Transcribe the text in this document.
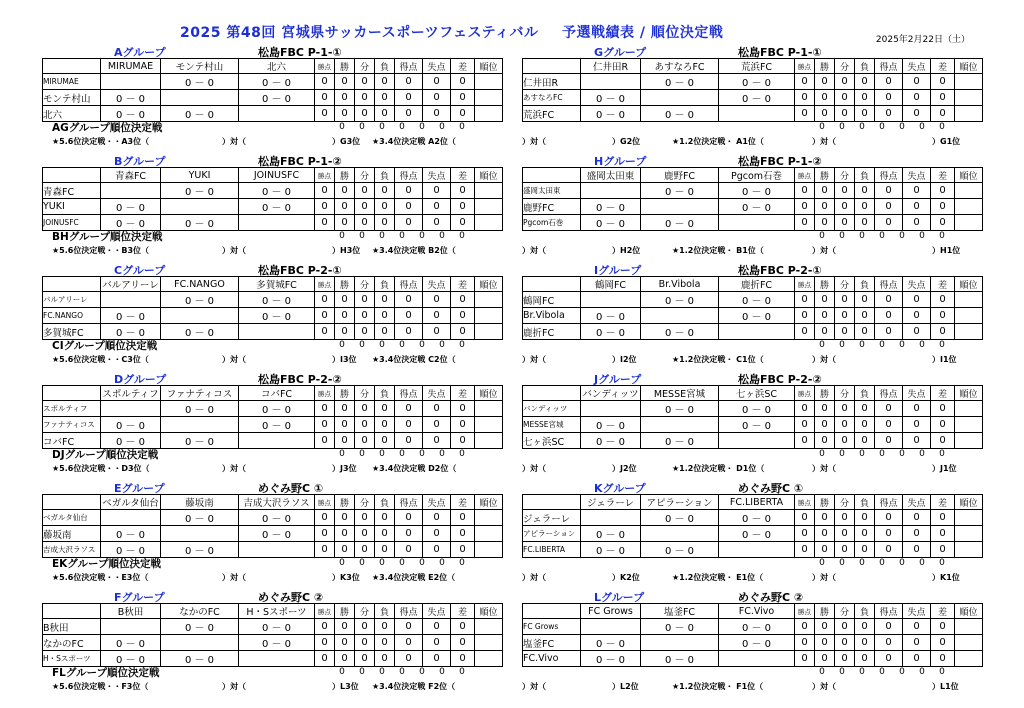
2025 第48回 宮城県サッカースポーツフェスティバル 予選戦績表 / 順位決定戦	2025年2月22日（土）
Aグループ	松島FBC P-1-①
	MIRUMAE	モンテ村山	北六	勝点	勝	分	負	得点	失点	差	順位
MIRUMAE		0 － 0	0 － 0	0	0	0	0	0	0	0	
モンテ村山	0 － 0		0 － 0	0	0	0	0	0	0	0	
北六	0 － 0	0 － 0		0	0	0	0	0	0	0	
AGグループ順位決定戦	0 0 0 0 0 0 0
★5.6位決定戦・・A3位（	）対（	）G3位 ★3.4位決定戦 A2位（
Gグループ	松島FBC P-1-①
	仁井田R	あすなろFC	荒浜FC	勝点	勝	分	負	得点	失点	差	順位
仁井田R		0 － 0	0 － 0	0	0	0	0	0	0	0	
あすなろFC	0 － 0		0 － 0	0	0	0	0	0	0	0	
荒浜FC	0 － 0	0 － 0		0	0	0	0	0	0	0	
0 0 0 0 0 0 0
）対（	）G2位	★1.2位決定戦・ A1位（	）対（	）G1位
Bグループ	松島FBC P-1-②
	青森FC	YUKI	JOINUSFC	勝点	勝	分	負	得点	失点	差	順位
青森FC		0 － 0	0 － 0	0	0	0	0	0	0	0	
YUKI	0 － 0		0 － 0	0	0	0	0	0	0	0	
JOINUSFC	0 － 0	0 － 0		0	0	0	0	0	0	0	
BHグループ順位決定戦	0 0 0 0 0 0 0
★5.6位決定戦・・B3位（	）対（	）H3位 ★3.4位決定戦 B2位（
Hグループ	松島FBC P-1-②
	盛岡太田東	鹿野FC	Pgcom石巻	勝点	勝	分	負	得点	失点	差	順位
盛岡太田東		0 － 0	0 － 0	0	0	0	0	0	0	0	
鹿野FC	0 － 0		0 － 0	0	0	0	0	0	0	0	
Pgcom石巻	0 － 0	0 － 0		0	0	0	0	0	0	0	
0 0 0 0 0 0 0
）対（	）H2位	★1.2位決定戦・ B1位（	）対（	）H1位
Cグループ	松島FBC P-2-①
	バルアリーレ	FC.NANGO	多賀城FC	勝点	勝	分	負	得点	失点	差	順位
バルアリーレ		0 － 0	0 － 0	0	0	0	0	0	0	0	
FC.NANGO	0 － 0		0 － 0	0	0	0	0	0	0	0	
多賀城FC	0 － 0	0 － 0		0	0	0	0	0	0	0	
CIグループ順位決定戦	0 0 0 0 0 0 0
★5.6位決定戦・・C3位（	）対（	）I3位 ★3.4位決定戦 C2位（
Iグループ	松島FBC P-2-①
	鶴岡FC	Br.Vibola	鹿折FC	勝点	勝	分	負	得点	失点	差	順位
鶴岡FC		0 － 0	0 － 0	0	0	0	0	0	0	0	
Br.Vibola	0 － 0		0 － 0	0	0	0	0	0	0	0	
鹿折FC	0 － 0	0 － 0		0	0	0	0	0	0	0	
0 0 0 0 0 0 0
）対（	）I2位	★1.2位決定戦・ C1位（	）対（	）I1位
Dグループ	松島FBC P-2-②
	スポルティフ	ファナティコス	コバFC	勝点	勝	分	負	得点	失点	差	順位
スポルティフ		0 － 0	0 － 0	0	0	0	0	0	0	0	
ファナティコス	0 － 0		0 － 0	0	0	0	0	0	0	0	
コバFC	0 － 0	0 － 0		0	0	0	0	0	0	0	
DJグループ順位決定戦	0 0 0 0 0 0 0
★5.6位決定戦・・D3位（	）対（	）J3位 ★3.4位決定戦 D2位（
Jグループ	松島FBC P-2-②
	バンディッツ	MESSE宮城	七ヶ浜SC	勝点	勝	分	負	得点	失点	差	順位
バンディッツ		0 － 0	0 － 0	0	0	0	0	0	0	0	
MESSE宮城	0 － 0		0 － 0	0	0	0	0	0	0	0	
七ヶ浜SC	0 － 0	0 － 0		0	0	0	0	0	0	0	
0 0 0 0 0 0 0
）対（	）J2位	★1.2位決定戦・ D1位（	）対（	）J1位
Eグループ	めぐみ野C ①
	ベガルタ仙台	藤坂南	吉成大沢ラソス	勝点	勝	分	負	得点	失点	差	順位
ベガルタ仙台		0 － 0	0 － 0	0	0	0	0	0	0	0	
藤坂南	0 － 0		0 － 0	0	0	0	0	0	0	0	
吉成大沢ラソス	0 － 0	0 － 0		0	0	0	0	0	0	0	
EKグループ順位決定戦	0 0 0 0 0 0 0
★5.6位決定戦・・E3位（	）対（	）K3位 ★3.4位決定戦 E2位（
Kグループ	めぐみ野C ①
	ジェラーレ	アピラーション	FC.LIBERTA	勝点	勝	分	負	得点	失点	差	順位
ジェラーレ		0 － 0	0 － 0	0	0	0	0	0	0	0	
アピラーション	0 － 0		0 － 0	0	0	0	0	0	0	0	
FC.LIBERTA	0 － 0	0 － 0		0	0	0	0	0	0	0	
0 0 0 0 0 0 0
）対（	）K2位	★1.2位決定戦・ E1位（	）対（	）K1位
Fグループ	めぐみ野C ②
	B秋田	なかのFC	H・Sスポーツ	勝点	勝	分	負	得点	失点	差	順位
B秋田		0 － 0	0 － 0	0	0	0	0	0	0	0	
なかのFC	0 － 0		0 － 0	0	0	0	0	0	0	0	
H・Sスポーツ	0 － 0	0 － 0		0	0	0	0	0	0	0	
FLグループ順位決定戦	0 0 0 0 0 0 0
★5.6位決定戦・・F3位（	）対（	）L3位 ★3.4位決定戦 F2位（
Lグループ	めぐみ野C ②
	FC Grows	塩釜FC	FC.Vivo	勝点	勝	分	負	得点	失点	差	順位
FC Grows		0 － 0	0 － 0	0	0	0	0	0	0	0	
塩釜FC	0 － 0		0 － 0	0	0	0	0	0	0	0	
FC.Vivo	0 － 0	0 － 0		0	0	0	0	0	0	0	
0 0 0 0 0 0 0
）対（	）L2位	★1.2位決定戦・ F1位（	）対（	）L1位
